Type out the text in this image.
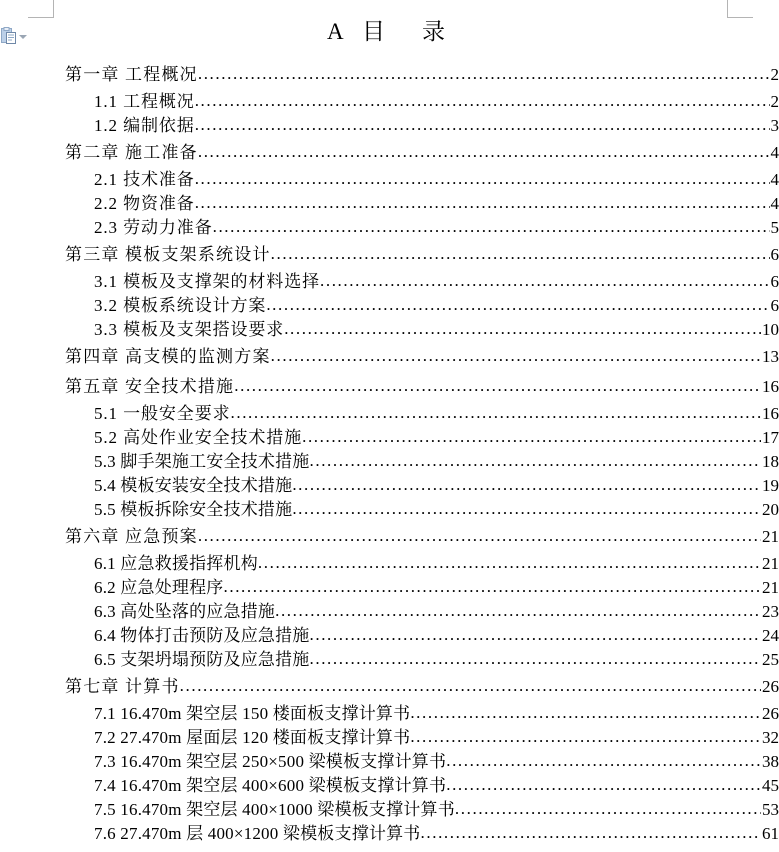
A 目　录
第一章 工程概况 .....	2
1.1 工程概况 .....	2
1.2 编制依据 .....	3
第二章 施工准备 .....	4
2.1 技术准备 .....	4
2.2 物资准备 .....	4
2.3 劳动力准备 .....	5
第三章 模板支架系统设计 .....	6
3.1 模板及支撑架的材料选择 .....	6
3.2 模板系统设计方案 .....	6
3.3 模板及支架搭设要求 .....	10
第四章 高支模的监测方案 .....	13
第五章 安全技术措施 .....	16
5.1 一般安全要求 .....	16
5.2 高处作业安全技术措施 .....	17
5.3 脚手架施工安全技术措施 .....	18
5.4 模板安装安全技术措施 .....	19
5.5 模板拆除安全技术措施 .....	20
第六章 应急预案 .....	21
6.1 应急救援指挥机构 .....	21
6.2 应急处理程序 .....	21
6.3 高处坠落的应急措施 .....	23
6.4 物体打击预防及应急措施 .....	24
6.5 支架坍塌预防及应急措施 .....	25
第七章 计算书 .....	26
7.1 16.470m 架空层 150 楼面板支撑计算书 .....	26
7.2 27.470m 屋面层 120 楼面板支撑计算书 .....	32
7.3 16.470m 架空层 250×500 梁模板支撑计算书 .....	38
7.4 16.470m 架空层 400×600 梁模板支撑计算书 .....	45
7.5 16.470m 架空层 400×1000 梁模板支撑计算书 .....	53
7.6 27.470m 层 400×1200 梁模板支撑计算书 .....	61
